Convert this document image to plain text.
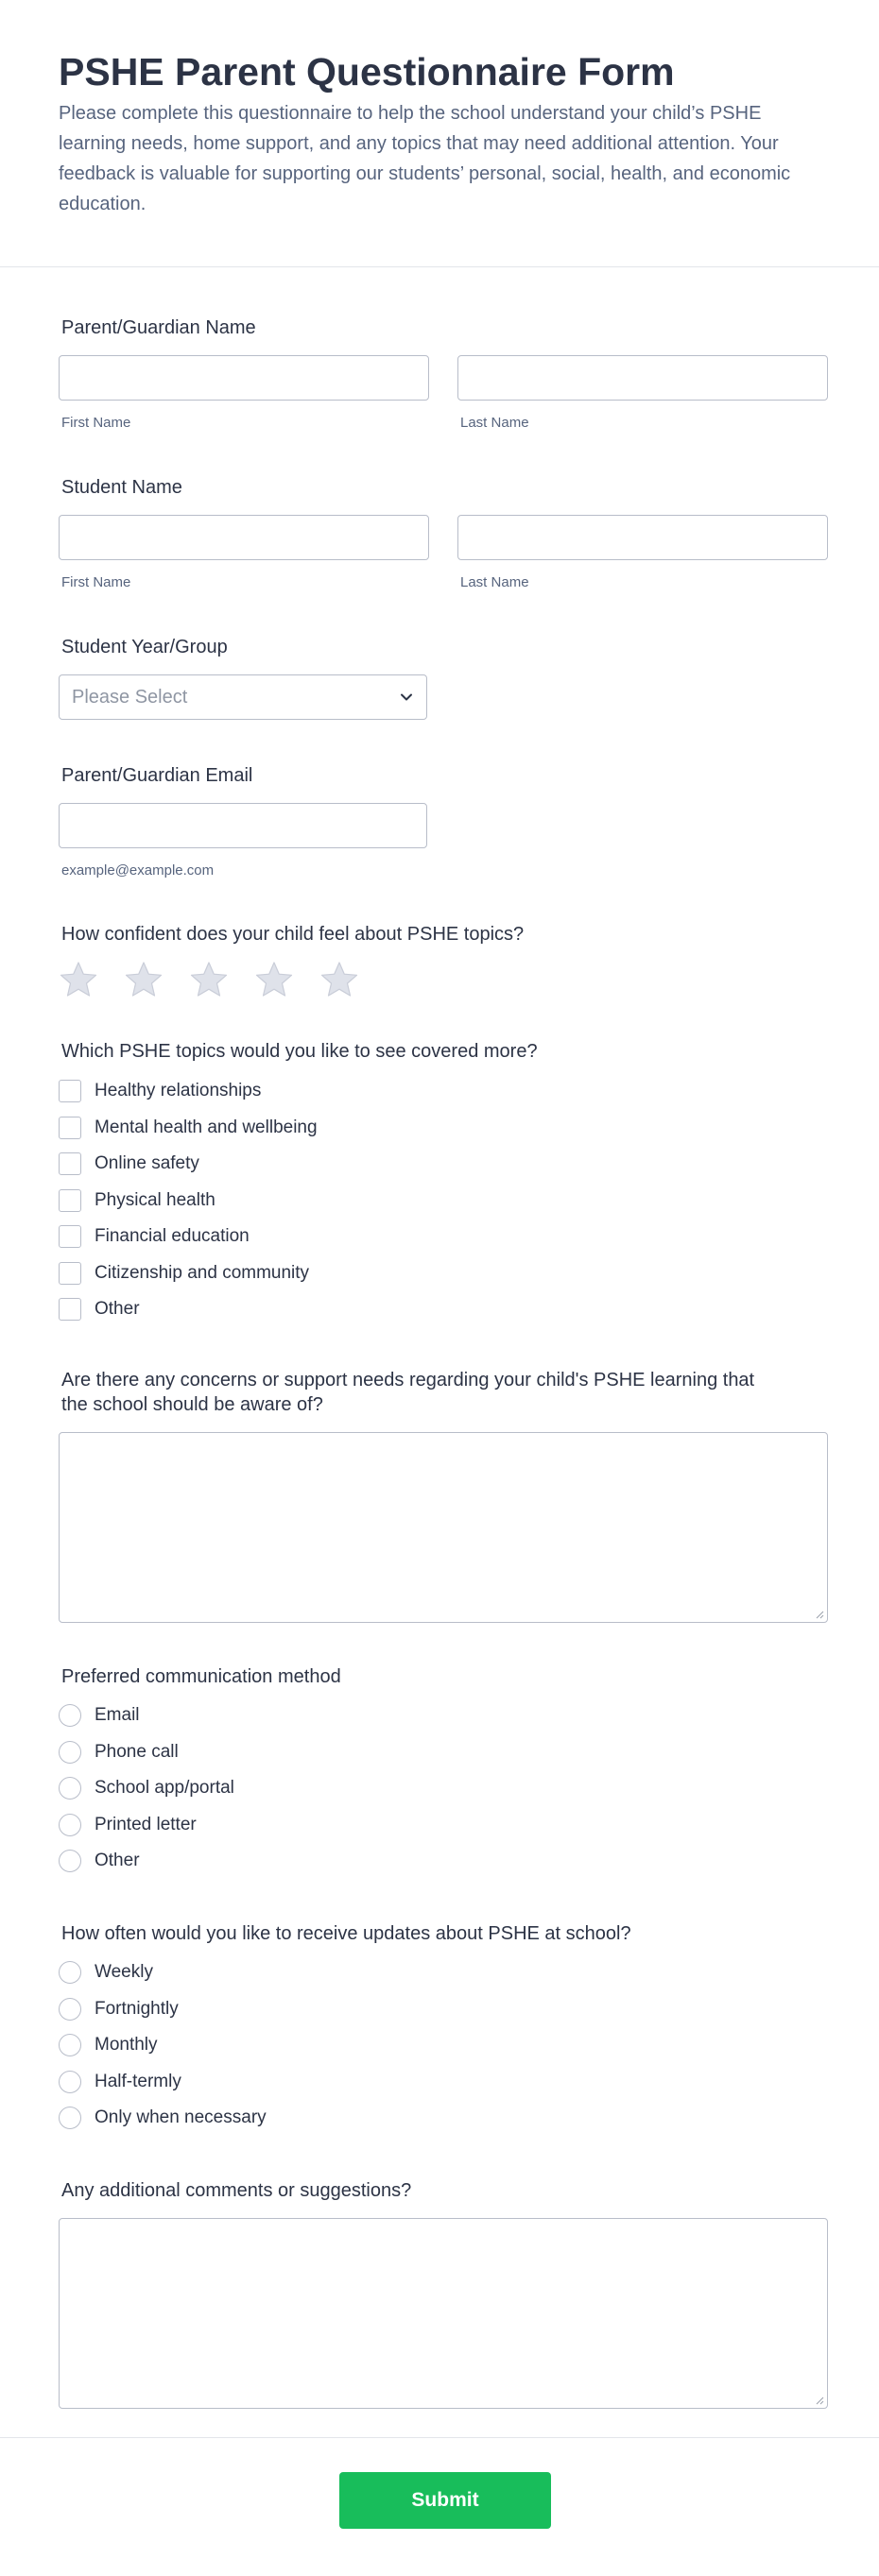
PSHE Parent Questionnaire Form
Please complete this questionnaire to help the school understand your child’s PSHE learning needs, home support, and any topics that may need additional attention. Your feedback is valuable for supporting our students’ personal, social, health, and economic education.
Parent/Guardian Name
First Name	Last Name
Student Name
First Name	Last Name
Student Year/Group
Please Select
Parent/Guardian Email
example@example.com
How confident does your child feel about PSHE topics?
Which PSHE topics would you like to see covered more?
Healthy relationships
Mental health and wellbeing
Online safety
Physical health
Financial education
Citizenship and community
Other
Are there any concerns or support needs regarding your child's PSHE learning that
the school should be aware of?
Preferred communication method
Email
Phone call
School app/portal
Printed letter
Other
How often would you like to receive updates about PSHE at school?
Weekly
Fortnightly
Monthly
Half-termly
Only when necessary
Any additional comments or suggestions?
Submit
